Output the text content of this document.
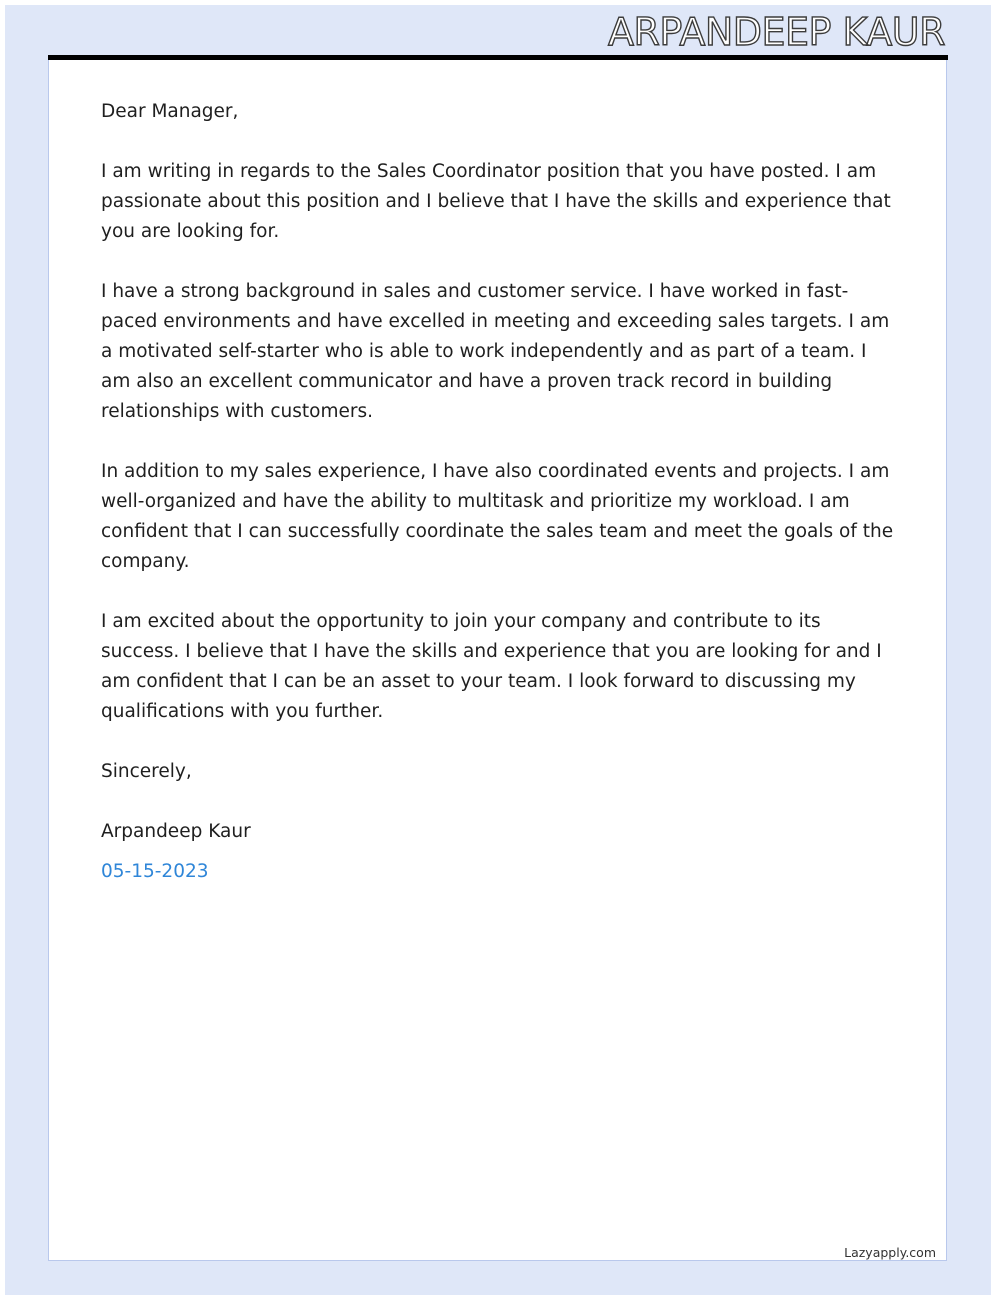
ARPANDEEP KAUR

Dear Manager,

I am writing in regards to the Sales Coordinator position that you have posted. I am passionate about this position and I believe that I have the skills and experience that you are looking for.

I have a strong background in sales and customer service. I have worked in fast-paced environments and have excelled in meeting and exceeding sales targets. I am a motivated self-starter who is able to work independently and as part of a team. I am also an excellent communicator and have a proven track record in building relationships with customers.

In addition to my sales experience, I have also coordinated events and projects. I am well-organized and have the ability to multitask and prioritize my workload. I am confident that I can successfully coordinate the sales team and meet the goals of the company.

I am excited about the opportunity to join your company and contribute to its success. I believe that I have the skills and experience that you are looking for and I am confident that I can be an asset to your team. I look forward to discussing my qualifications with you further.

Sincerely,

Arpandeep Kaur

05-15-2023

Lazyapply.com
